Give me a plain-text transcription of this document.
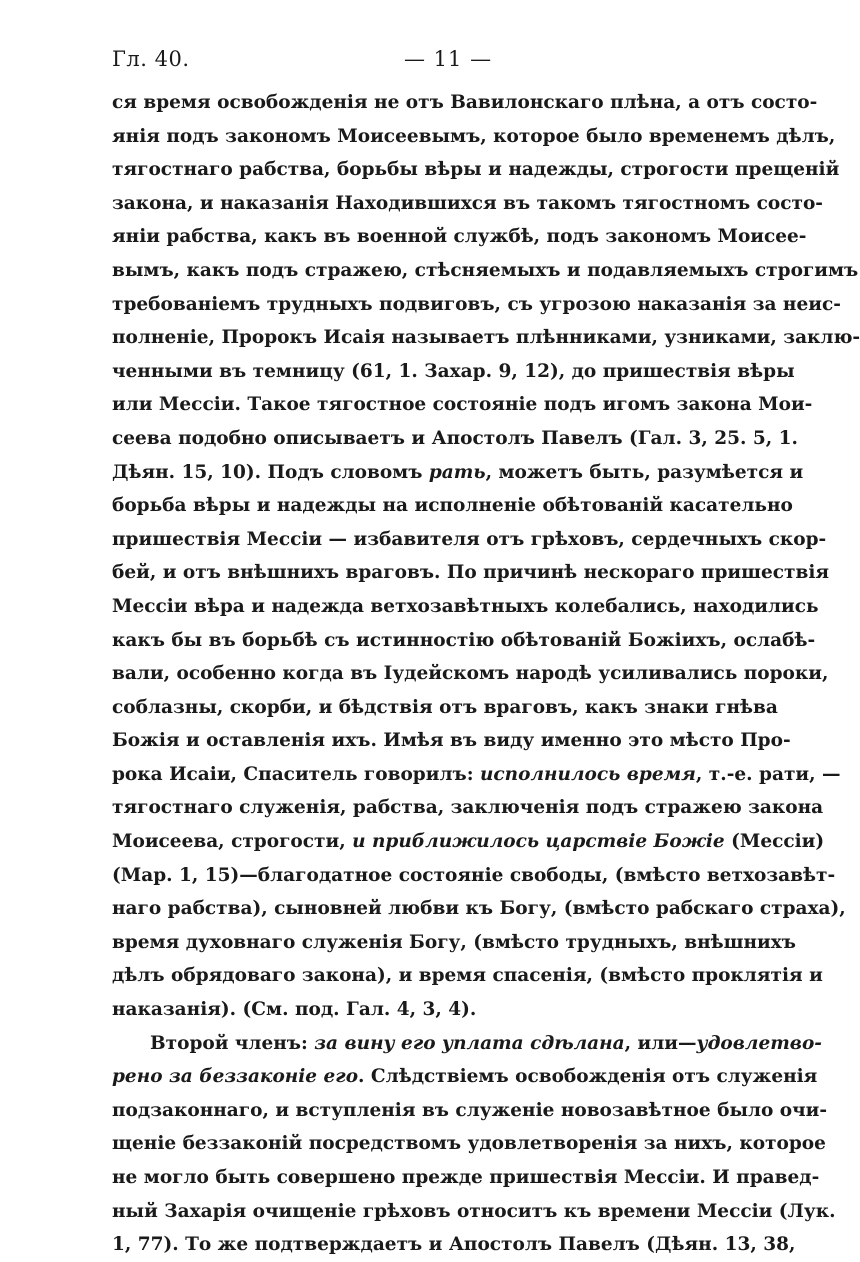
Гл. 40.	— 11 —
ся время освобожденія не отъ Вавилонскаго плѣна, а отъ состо-
янія подъ закономъ Моисеевымъ, которое было временемъ дѣлъ,
тягостнаго рабства, борьбы вѣры и надежды, строгости прещеній
закона, и наказанія Находившихся въ такомъ тягостномъ состо-
яніи рабства, какъ въ военной службѣ, подъ закономъ Моисее-
вымъ, какъ подъ стражею, стѣсняемыхъ и подавляемыхъ строгимъ
требованіемъ трудныхъ подвиговъ, съ угрозою наказанія за неис-
полненіе, Пророкъ Исаія называетъ плѣнниками, узниками, заклю-
ченными въ темницу (61, 1. Захар. 9, 12), до пришествія вѣры
или Мессіи. Такое тягостное состояніе подъ игомъ закона Мои-
сеева подобно описываетъ и Апостолъ Павелъ (Гал. 3, 25. 5, 1.
Дѣян. 15, 10). Подъ словомъ рать, можетъ быть, разумѣется и
борьба вѣры и надежды на исполненіе обѣтованій касательно
пришествія Мессіи — избавителя отъ грѣховъ, сердечныхъ скор-
бей, и отъ внѣшнихъ враговъ. По причинѣ нескораго пришествія
Мессіи вѣра и надежда ветхозавѣтныхъ колебались, находились
какъ бы въ борьбѣ съ истинностію обѣтованій Божіихъ, ослабѣ-
вали, особенно когда въ Іудейскомъ народѣ усиливались пороки,
соблазны, скорби, и бѣдствія отъ враговъ, какъ знаки гнѣва
Божія и оставленія ихъ. Имѣя въ виду именно это мѣсто Про-
рока Исаіи, Спаситель говорилъ: исполнилось время, т.-е. рати, —
тягостнаго служенія, рабства, заключенія подъ стражею закона
Моисеева, строгости, и приближилось царствіе Божіе (Мессіи)
(Мар. 1, 15)—благодатное состояніе свободы, (вмѣсто ветхозавѣт-
наго рабства), сыновней любви къ Богу, (вмѣсто рабскаго страха),
время духовнаго служенія Богу, (вмѣсто трудныхъ, внѣшнихъ
дѣлъ обрядоваго закона), и время спасенія, (вмѣсто проклятія и
наказанія). (См. под. Гал. 4, 3, 4).
Второй членъ: за вину его уплата сдѣлана, или—удовлетво-
рено за беззаконіе его. Слѣдствіемъ освобожденія отъ служенія
подзаконнаго, и вступленія въ служеніе новозавѣтное было очи-
щеніе беззаконій посредствомъ удовлетворенія за нихъ, которое
не могло быть совершено прежде пришествія Мессіи. И правед-
ный Захарія очищеніе грѣховъ относитъ къ времени Мессіи (Лук.
1, 77). То же подтверждаетъ и Апостолъ Павелъ (Дѣян. 13, 38,
